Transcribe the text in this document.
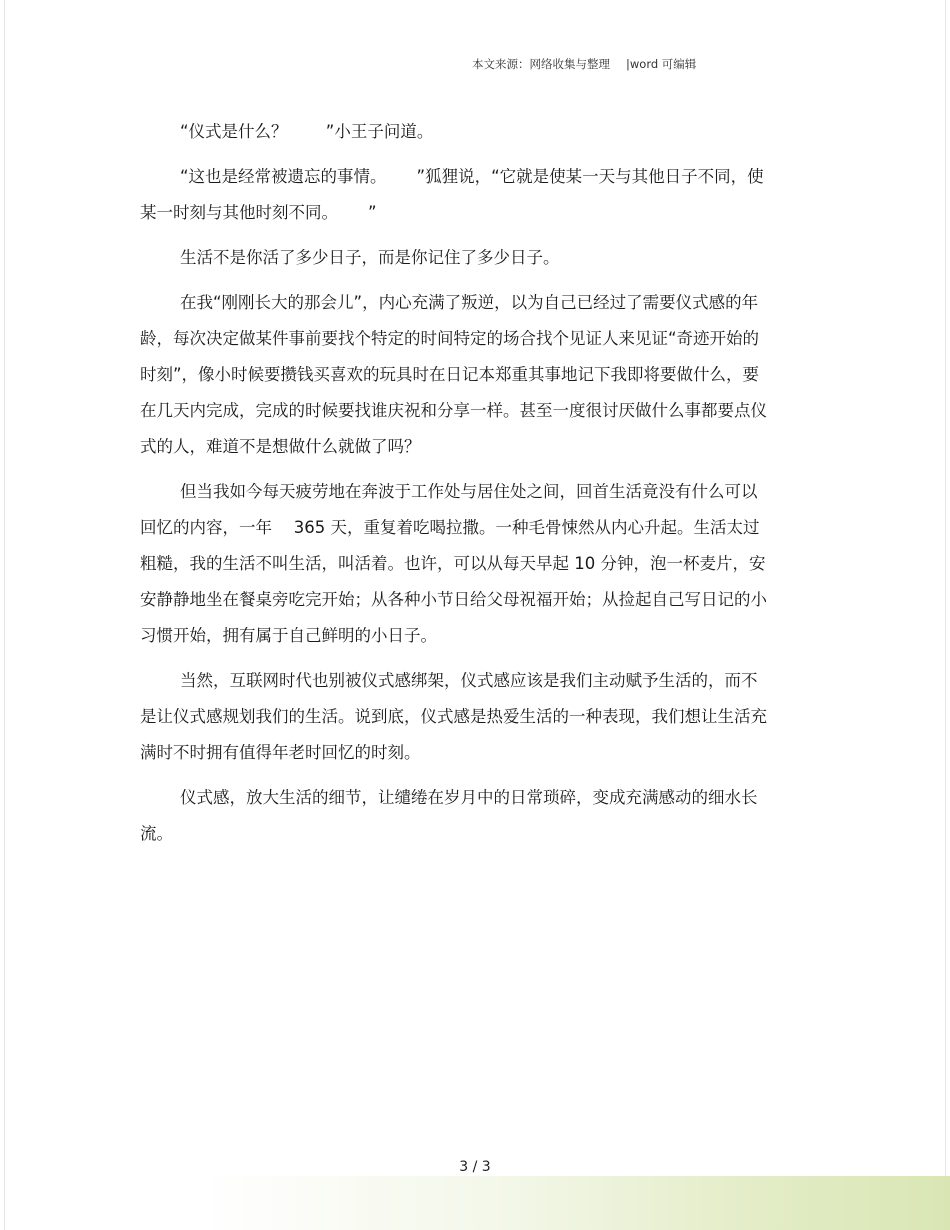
本文来源：网络收集与整理 |word 可编辑

“仪式是什么？　　 ”小王子问道。

“这也是经常被遗忘的事情。　　 ”狐狸说，“它就是使某一天与其他日子不同，使某一时刻与其他时刻不同。　　 ”

生活不是你活了多少日子，而是你记住了多少日子。

在我“刚刚长大的那会儿”，内心充满了叛逆，以为自己已经过了需要仪式感的年龄，每次决定做某件事前要找个特定的时间特定的场合找个见证人来见证“奇迹开始的时刻”，像小时候要攒钱买喜欢的玩具时在日记本郑重其事地记下我即将要做什么，要在几天内完成，完成的时候要找谁庆祝和分享一样。甚至一度很讨厌做什么事都要点仪式的人，难道不是想做什么就做了吗？

但当我如今每天疲劳地在奔波于工作处与居住处之间，回首生活竟没有什么可以回忆的内容，一年　 365 天，重复着吃喝拉撒。一种毛骨悚然从内心升起。生活太过粗糙，我的生活不叫生活，叫活着。也许，可以从每天早起 10 分钟，泡一杯麦片，安安静静地坐在餐桌旁吃完开始；从各种小节日给父母祝福开始；从捡起自己写日记的小习惯开始，拥有属于自己鲜明的小日子。

当然，互联网时代也别被仪式感绑架，仪式感应该是我们主动赋予生活的，而不是让仪式感规划我们的生活。说到底，仪式感是热爱生活的一种表现，我们想让生活充满时不时拥有值得年老时回忆的时刻。

仪式感，放大生活的细节，让缱绻在岁月中的日常琐碎，变成充满感动的细水长流。

3 / 3
